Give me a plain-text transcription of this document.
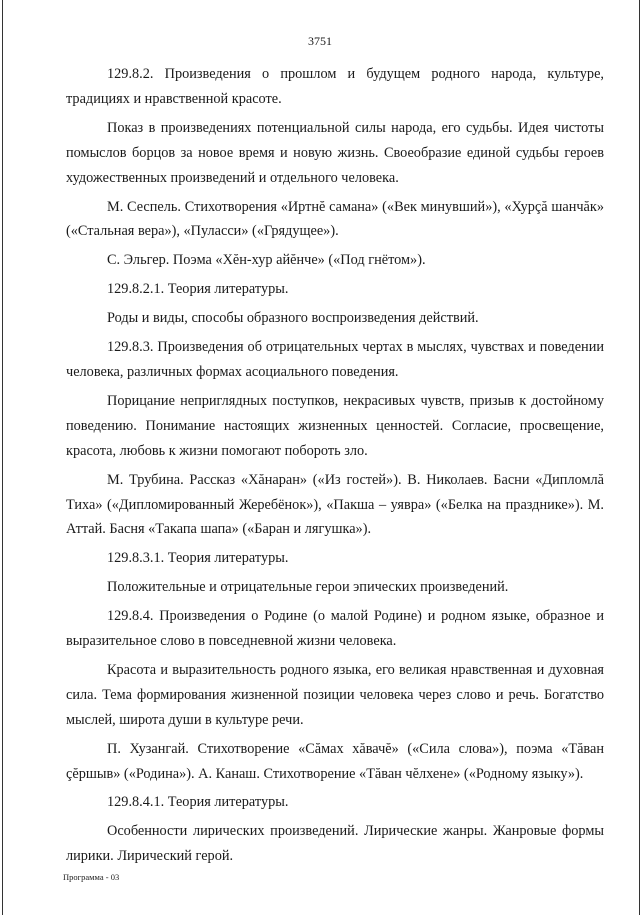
3751

129.8.2. Произведения о прошлом и будущем родного народа, культуре, традициях и нравственной красоте.

Показ в произведениях потенциальной силы народа, его судьбы. Идея чистоты помыслов борцов за новое время и новую жизнь. Своеобразие единой судьбы героев художественных произведений и отдельного человека.

М. Сеспель. Стихотворения «Иртнĕ самана» («Век минувший»), «Хурçă шанчăк» («Стальная вера»), «Пуласси» («Грядущее»).

С. Эльгер. Поэма «Хĕн-хур айĕнче» («Под гнётом»).

129.8.2.1. Теория литературы.

Роды и виды, способы образного воспроизведения действий.

129.8.3. Произведения об отрицательных чертах в мыслях, чувствах и поведении человека, различных формах асоциального поведения.

Порицание неприглядных поступков, некрасивых чувств, призыв к достойному поведению. Понимание настоящих жизненных ценностей. Согласие, просвещение, красота, любовь к жизни помогают побороть зло.

М. Трубина. Рассказ «Хăнаран» («Из гостей»). В. Николаев. Басни «Дипломлă Тиха» («Дипломированный Жеребёнок»), «Пакша – уявра» («Белка на празднике»). М. Аттай. Басня «Такапа шапа» («Баран и лягушка»).

129.8.3.1. Теория литературы.

Положительные и отрицательные герои эпических произведений.

129.8.4. Произведения о Родине (о малой Родине) и родном языке, образное и выразительное слово в повседневной жизни человека.

Красота и выразительность родного языка, его великая нравственная и духовная сила. Тема формирования жизненной позиции человека через слово и речь. Богатство мыслей, широта души в культуре речи.

П. Хузангай. Стихотворение «Сăмах хăвачĕ» («Сила слова»), поэма «Тăван çĕршыв» («Родина»). А. Канаш. Стихотворение «Тăван чĕлхене» («Родному языку»).

129.8.4.1. Теория литературы.

Особенности лирических произведений. Лирические жанры. Жанровые формы лирики. Лирический герой.

Программа - 03
